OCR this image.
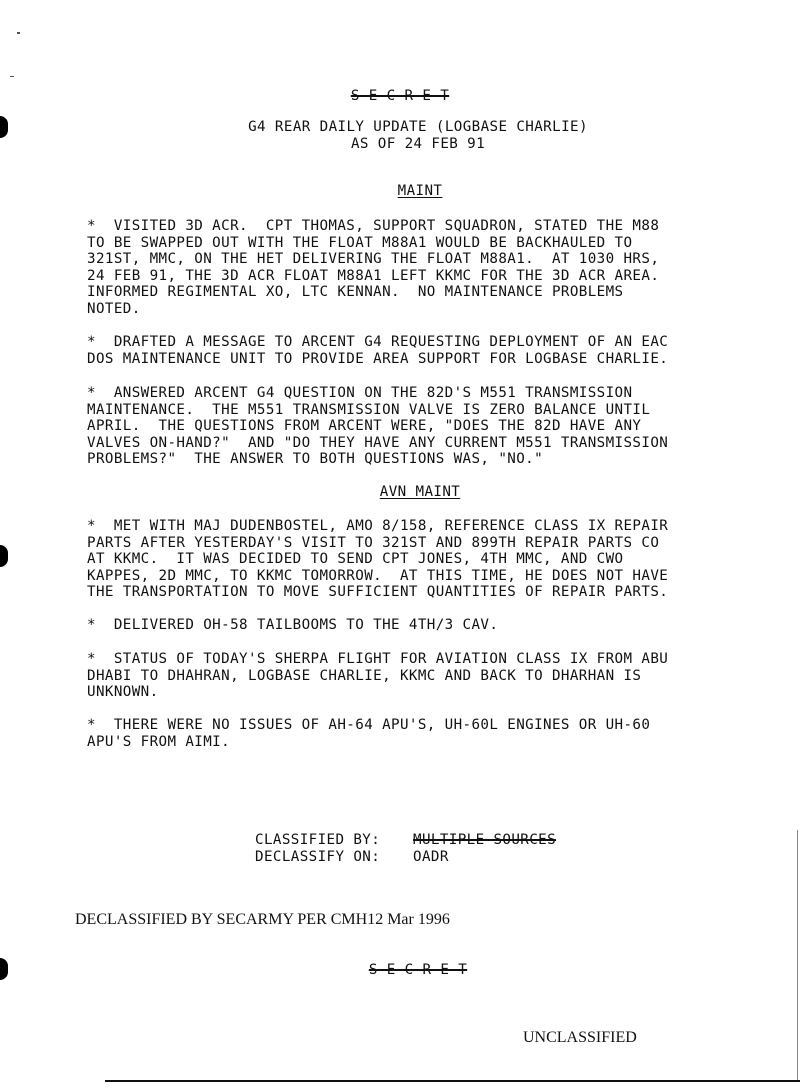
S E C R E T
G4 REAR DAILY UPDATE (LOGBASE CHARLIE)
AS OF 24 FEB 91
MAINT
*  VISITED 3D ACR.  CPT THOMAS, SUPPORT SQUADRON, STATED THE M88
TO BE SWAPPED OUT WITH THE FLOAT M88A1 WOULD BE BACKHAULED TO
321ST, MMC, ON THE HET DELIVERING THE FLOAT M88A1.  AT 1030 HRS,
24 FEB 91, THE 3D ACR FLOAT M88A1 LEFT KKMC FOR THE 3D ACR AREA.
INFORMED REGIMENTAL XO, LTC KENNAN.  NO MAINTENANCE PROBLEMS
NOTED.
*  DRAFTED A MESSAGE TO ARCENT G4 REQUESTING DEPLOYMENT OF AN EAC
DOS MAINTENANCE UNIT TO PROVIDE AREA SUPPORT FOR LOGBASE CHARLIE.
*  ANSWERED ARCENT G4 QUESTION ON THE 82D'S M551 TRANSMISSION
MAINTENANCE.  THE M551 TRANSMISSION VALVE IS ZERO BALANCE UNTIL
APRIL.  THE QUESTIONS FROM ARCENT WERE, "DOES THE 82D HAVE ANY
VALVES ON-HAND?"  AND "DO THEY HAVE ANY CURRENT M551 TRANSMISSION
PROBLEMS?"  THE ANSWER TO BOTH QUESTIONS WAS, "NO."
AVN MAINT
*  MET WITH MAJ DUDENBOSTEL, AMO 8/158, REFERENCE CLASS IX REPAIR
PARTS AFTER YESTERDAY'S VISIT TO 321ST AND 899TH REPAIR PARTS CO
AT KKMC.  IT WAS DECIDED TO SEND CPT JONES, 4TH MMC, AND CWO
KAPPES, 2D MMC, TO KKMC TOMORROW.  AT THIS TIME, HE DOES NOT HAVE
THE TRANSPORTATION TO MOVE SUFFICIENT QUANTITIES OF REPAIR PARTS.
*  DELIVERED OH-58 TAILBOOMS TO THE 4TH/3 CAV.
*  STATUS OF TODAY'S SHERPA FLIGHT FOR AVIATION CLASS IX FROM ABU
DHABI TO DHAHRAN, LOGBASE CHARLIE, KKMC AND BACK TO DHARHAN IS
UNKNOWN.
*  THERE WERE NO ISSUES OF AH-64 APU'S, UH-60L ENGINES OR UH-60
APU'S FROM AIMI.
CLASSIFIED BY: MULTIPLE SOURCES
DECLASSIFY ON: OADR
DECLASSIFIED BY SECARMY PER CMH12 Mar 1996
S E C R E T
UNCLASSIFIED
